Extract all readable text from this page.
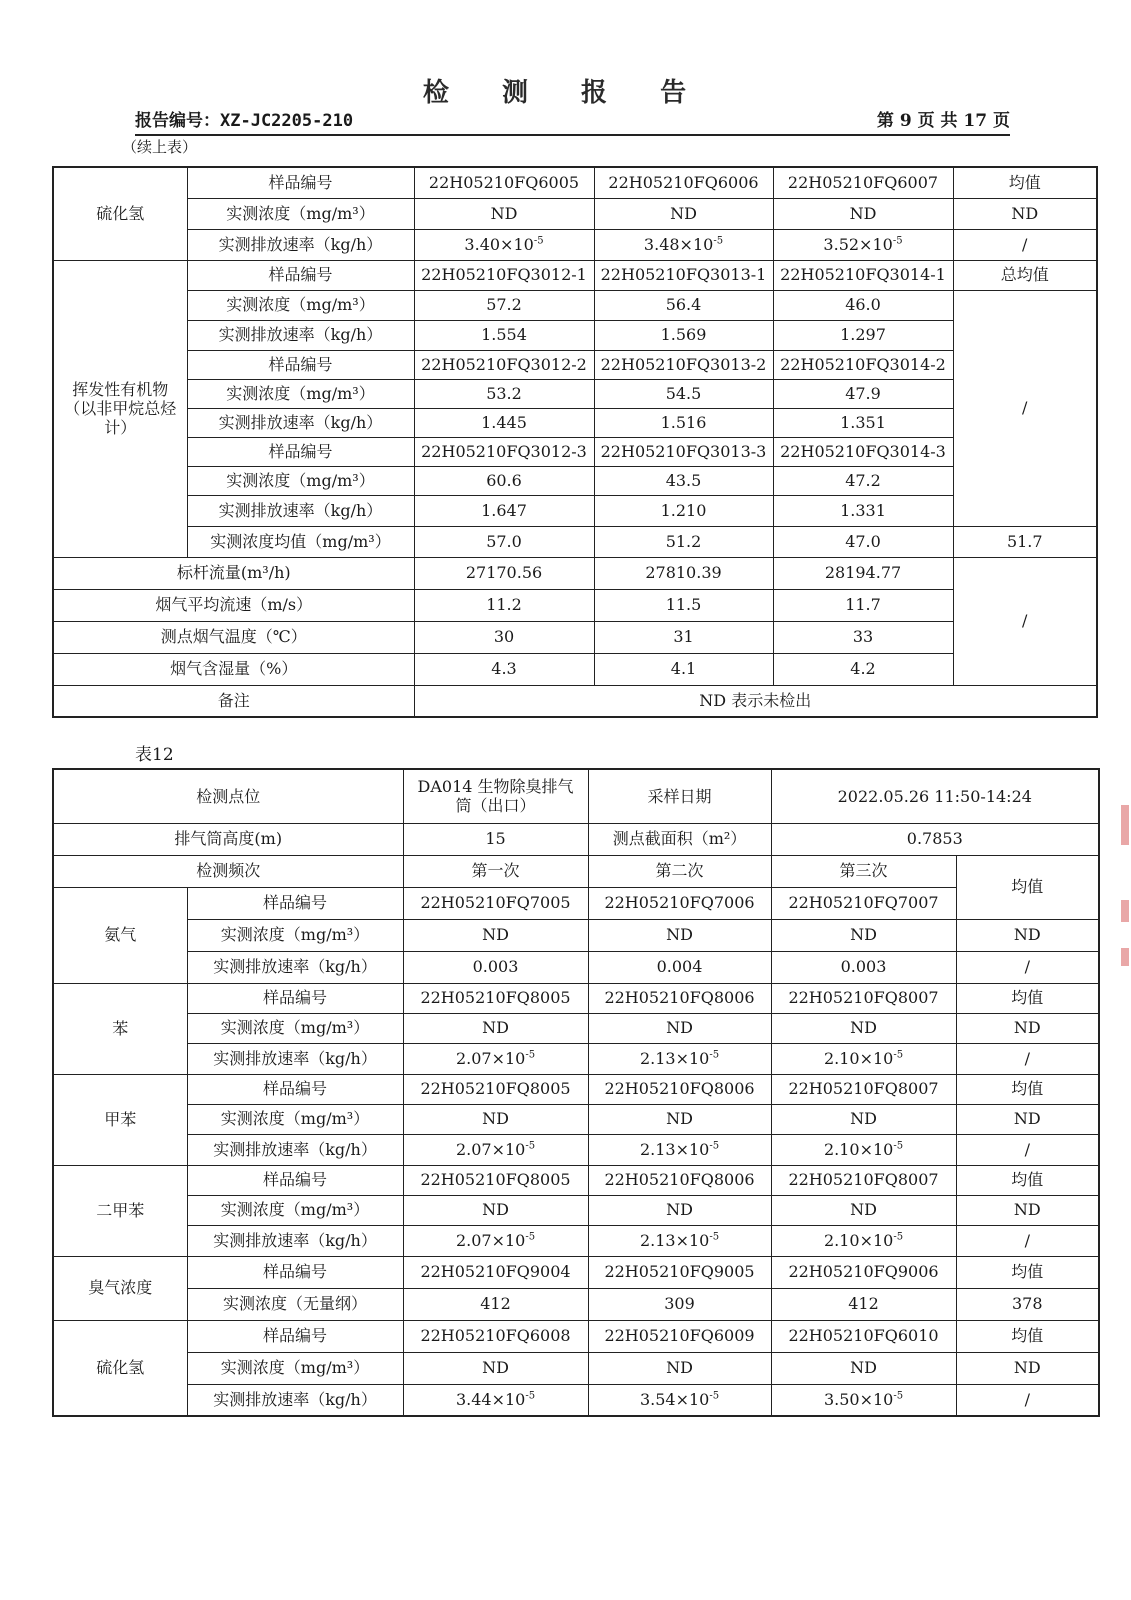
检 测 报 告
报告编号：XZ-JC2205-210	第 9 页 共 17 页
（续上表）
硫化氢	样品编号	22H05210FQ6005	22H05210FQ6006	22H05210FQ6007	均值
	实测浓度（mg/m³）	ND	ND	ND	ND
	实测排放速率（kg/h）	$3.40\times 10^{-5}$	$3.48\times 10^{-5}$	$3.52\times 10^{-5}$	/
挥发性有机物（以非甲烷总烃计）	样品编号	22H05210FQ3012-1	22H05210FQ3013-1	22H05210FQ3014-1	总均值
	实测浓度（mg/m³）	57.2	56.4	46.0	/
	实测排放速率（kg/h）	1.554	1.569	1.297	
	样品编号	22H05210FQ3012-2	22H05210FQ3013-2	22H05210FQ3014-2	
	实测浓度（mg/m³）	53.2	54.5	47.9	
	实测排放速率（kg/h）	1.445	1.516	1.351	
	样品编号	22H05210FQ3012-3	22H05210FQ3013-3	22H05210FQ3014-3	
	实测浓度（mg/m³）	60.6	43.5	47.2	
	实测排放速率（kg/h）	1.647	1.210	1.331	
	实测浓度均值（mg/m³）	57.0	51.2	47.0	51.7
标杆流量(m³/h)		27170.56	27810.39	28194.77	/
烟气平均流速（m/s）		11.2	11.5	11.7	
测点烟气温度（℃）		30	31	33	
烟气含湿量（%）		4.3	4.1	4.2	
备注		ND 表示未检出			
表12
检测点位		DA014 生物除臭排气筒（出口）	采样日期	2022.05.26 11:50-14:24	
排气筒高度(m)		15	测点截面积（m²）	0.7853	
检测频次		第一次	第二次	第三次	均值
氨气	样品编号	22H05210FQ7005	22H05210FQ7006	22H05210FQ7007	
	实测浓度（mg/m³）	ND	ND	ND	ND
	实测排放速率（kg/h）	0.003	0.004	0.003	/
苯	样品编号	22H05210FQ8005	22H05210FQ8006	22H05210FQ8007	均值
	实测浓度（mg/m³）	ND	ND	ND	ND
	实测排放速率（kg/h）	$2.07\times 10^{-5}$	$2.13\times 10^{-5}$	$2.10\times 10^{-5}$	/
甲苯	样品编号	22H05210FQ8005	22H05210FQ8006	22H05210FQ8007	均值
	实测浓度（mg/m³）	ND	ND	ND	ND
	实测排放速率（kg/h）	$2.07\times 10^{-5}$	$2.13\times 10^{-5}$	$2.10\times 10^{-5}$	/
二甲苯	样品编号	22H05210FQ8005	22H05210FQ8006	22H05210FQ8007	均值
	实测浓度（mg/m³）	ND	ND	ND	ND
	实测排放速率（kg/h）	$2.07\times 10^{-5}$	$2.13\times 10^{-5}$	$2.10\times 10^{-5}$	/
臭气浓度	样品编号	22H05210FQ9004	22H05210FQ9005	22H05210FQ9006	均值
	实测浓度（无量纲）	412	309	412	378
硫化氢	样品编号	22H05210FQ6008	22H05210FQ6009	22H05210FQ6010	均值
	实测浓度（mg/m³）	ND	ND	ND	ND
	实测排放速率（kg/h）	$3.44\times 10^{-5}$	$3.54\times 10^{-5}$	$3.50\times 10^{-5}$	/
